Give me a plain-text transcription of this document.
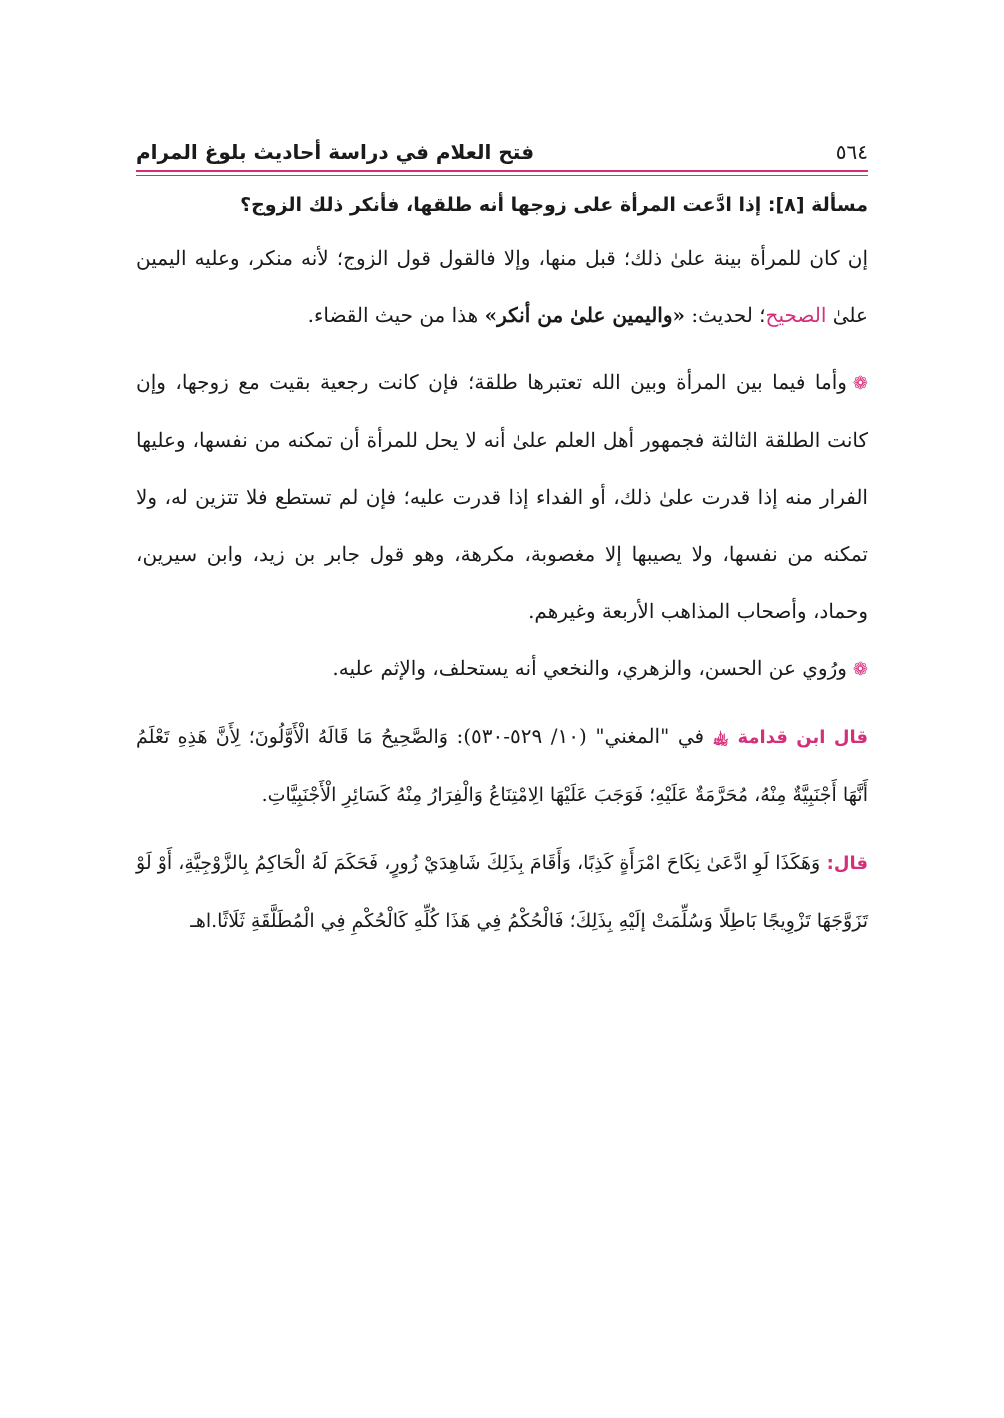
٥٦٤
فتح العلام في دراسة أحاديث بلوغ المرام
مسألة [٨]: إذا ادَّعت المرأة على زوجها أنه طلقها، فأنكر ذلك الزوج؟

إن كان للمرأة بينة علىٰ ذلك؛ قبل منها، وإلا فالقول قول الزوج؛ لأنه منكر، وعليه اليمين علىٰ الصحيح؛ لحديث: «واليمين علىٰ من أنكر» هذا من حيث القضاء.

❁وأما فيما بين المرأة وبين الله تعتبرها طلقة؛ فإن كانت رجعية بقيت مع زوجها، وإن كانت الطلقة الثالثة فجمهور أهل العلم علىٰ أنه لا يحل للمرأة أن تمكنه من نفسها، وعليها الفرار منه إذا قدرت علىٰ ذلك، أو الفداء إذا قدرت عليه؛ فإن لم تستطع فلا تتزين له، ولا تمكنه من نفسها، ولا يصيبها إلا مغصوبة، مكرهة، وهو قول جابر بن زيد، وابن سيرين، وحماد، وأصحاب المذاهب الأربعة وغيرهم.

❁ورُوي عن الحسن، والزهري، والنخعي أنه يستحلف، والإثم عليه.

قال ابن قدامة ﵀ في "المغني" (١٠/ ٥٢٩-٥٣٠): وَالصَّحِيحُ مَا قَالَهُ الْأَوَّلُونَ؛ لِأَنَّ هَذِهِ تَعْلَمُ أَنَّهَا أَجْنَبِيَّةٌ مِنْهُ، مُحَرَّمَةٌ عَلَيْهِ؛ فَوَجَبَ عَلَيْهَا الِامْتِنَاعُ وَالْفِرَارُ مِنْهُ كَسَائِرِ الْأَجْنَبِيَّاتِ.

قال: وَهَكَذَا لَوِ ادَّعَىٰ نِكَاحَ امْرَأَةٍ كَذِبًا، وَأَقَامَ بِذَلِكَ شَاهِدَيْ زُورٍ، فَحَكَمَ لَهُ الْحَاكِمُ بِالزَّوْجِيَّةِ، أَوْ لَوْ تَزَوَّجَهَا تَزْوِيجًا بَاطِلًا وَسُلِّمَتْ إلَيْهِ بِذَلِكَ؛ فَالْحُكْمُ فِي هَذَا كُلِّهِ كَالْحُكْمِ فِي الْمُطَلَّقَةِ ثَلَاثًا.اهـ
